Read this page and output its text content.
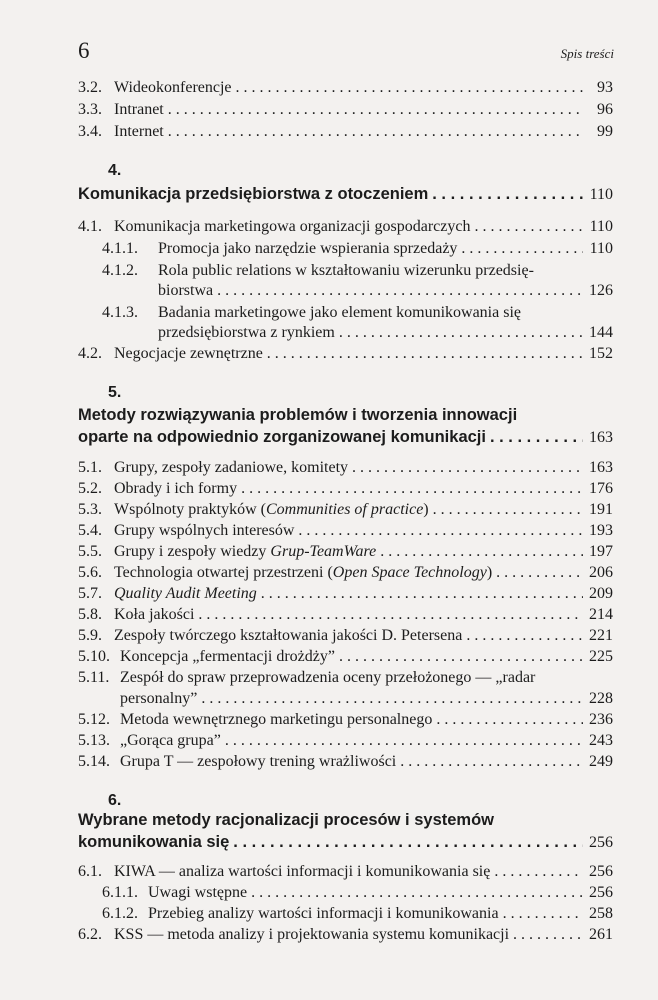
6	Spis treści
3.2. Wideokonferencje . . .	93
3.3. Intranet . . .	96
3.4. Internet . . .	99
4.
Komunikacja przedsiębiorstwa z otoczeniem . . .	110
4.1. Komunikacja marketingowa organizacji gospodarczych . . .	110
4.1.1.	Promocja jako narzędzie wspierania sprzedaży . . .	110
4.1.2.	Rola public relations w kształtowaniu wizerunku przedsię-
biorstwa . . .	126
4.1.3.	Badania marketingowe jako element komunikowania się
przedsiębiorstwa z rynkiem . . .	144
4.2. Negocjacje zewnętrzne . . .	152
5.
Metody rozwiązywania problemów i tworzenia innowacji
oparte na odpowiednio zorganizowanej komunikacji . . .	163
5.1. Grupy, zespoły zadaniowe, komitety . . .	163
5.2. Obrady i ich formy . . .	176
5.3. Wspólnoty praktyków (Communities of practice) . . .	191
5.4. Grupy wspólnych interesów . . .	193
5.5. Grupy i zespoły wiedzy Grup-TeamWare . . .	197
5.6. Technologia otwartej przestrzeni (Open Space Technology) . . .	206
5.7. Quality Audit Meeting . . .	209
5.8. Koła jakości . . .	214
5.9. Zespoły twórczego kształtowania jakości D. Petersena . . .	221
5.10. Koncepcja „fermentacji drożdży” . . .	225
5.11. Zespół do spraw przeprowadzenia oceny przełożonego — „radar
personalny” . . .	228
5.12. Metoda wewnętrznego marketingu personalnego . . .	236
5.13. „Gorąca grupa” . . .	243
5.14. Grupa T — zespołowy trening wrażliwości . . .	249
6.
Wybrane metody racjonalizacji procesów i systemów
komunikowania się . . .	256
6.1. KIWA — analiza wartości informacji i komunikowania się . . .	256
6.1.1. Uwagi wstępne . . .	256
6.1.2. Przebieg analizy wartości informacji i komunikowania . . .	258
6.2. KSS — metoda analizy i projektowania systemu komunikacji . . .	261
